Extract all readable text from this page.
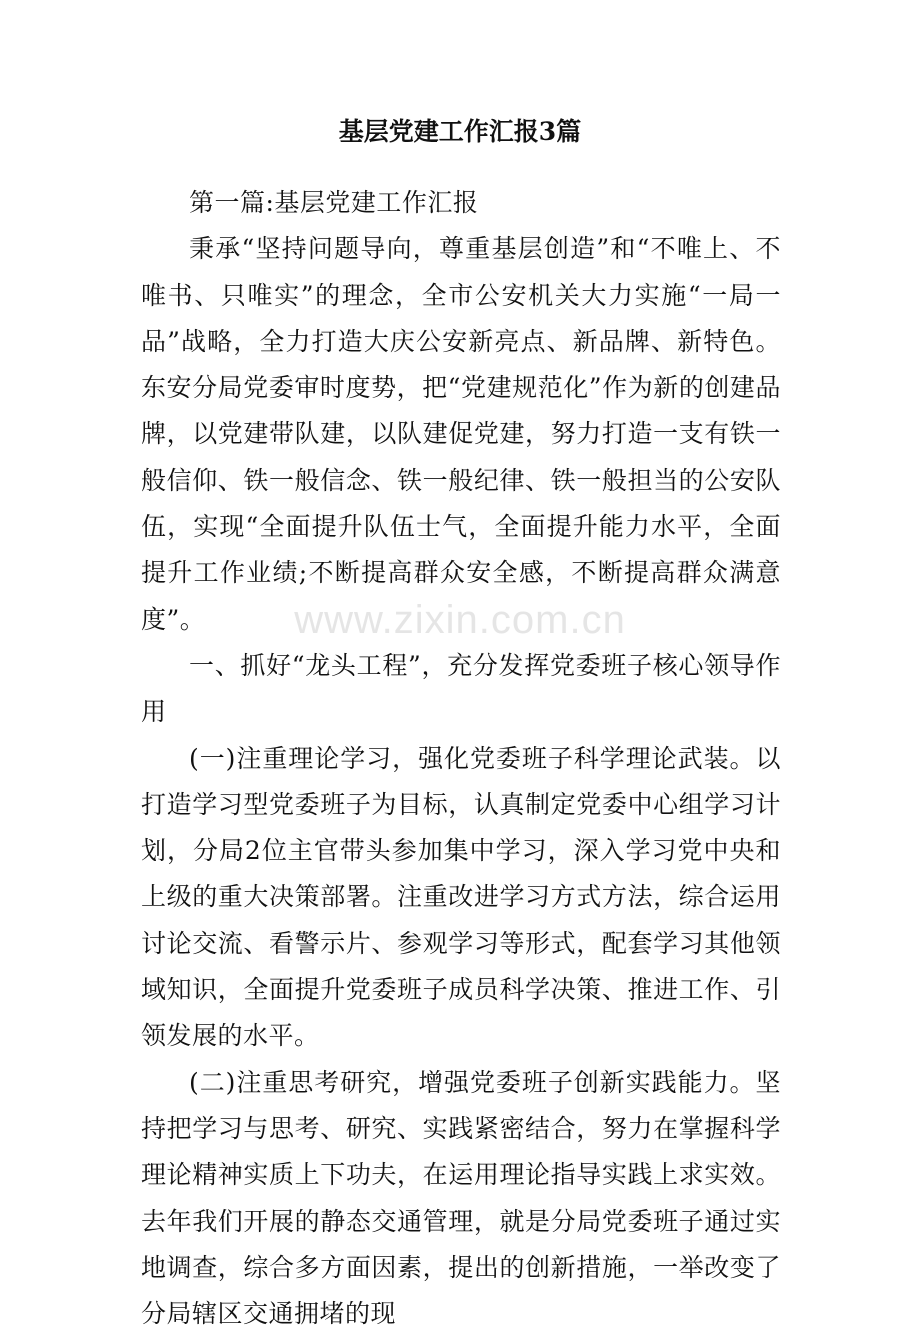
基层党建工作汇报3篇
www.zixin.com.cn

第一篇:基层党建工作汇报

秉承“坚持问题导向，尊重基层创造”和“不唯上、不唯书、只唯实”的理念，全市公安机关大力实施“一局一品”战略，全力打造大庆公安新亮点、新品牌、新特色。东安分局党委审时度势，把“党建规范化”作为新的创建品牌，以党建带队建，以队建促党建，努力打造一支有铁一般信仰、铁一般信念、铁一般纪律、铁一般担当的公安队伍，实现“全面提升队伍士气，全面提升能力水平，全面提升工作业绩;不断提高群众安全感，不断提高群众满意度”。

一、抓好“龙头工程”，充分发挥党委班子核心领导作用

(一)注重理论学习，强化党委班子科学理论武装。以打造学习型党委班子为目标，认真制定党委中心组学习计划，分局2位主官带头参加集中学习，深入学习党中央和上级的重大决策部署。注重改进学习方式方法，综合运用讨论交流、看警示片、参观学习等形式，配套学习其他领域知识，全面提升党委班子成员科学决策、推进工作、引领发展的水平。

(二)注重思考研究，增强党委班子创新实践能力。坚持把学习与思考、研究、实践紧密结合，努力在掌握科学理论精神实质上下功夫，在运用理论指导实践上求实效。去年我们开展的静态交通管理，就是分局党委班子通过实地调查，综合多方面因素，提出的创新措施，一举改变了分局辖区交通拥堵的现
